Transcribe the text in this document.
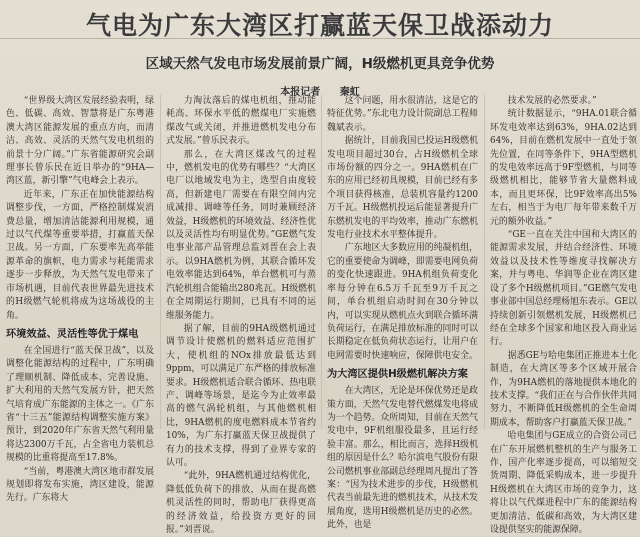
气电为广东大湾区打赢蓝天保卫战添动力
区域天然气发电市场发展前景广阔，H级燃机更具竞争优势
本报记者 秦虹

“世界级大湾区发展经验表明，绿色、低碳、高效、智慧将是广东粤港澳大湾区能源发展的重点方向，而清洁、高效、灵活的天然气发电机组的前景十分广阔。”广东省能源研究会副理事长曾乐民在近日举办的“9HA—湾区蓝，新引擎”气电峰会上表示。

近年来，广东正在加快能源结构调整步伐，一方面，严格控制煤炭消费总量，增加清洁能源利用规模，通过以气代煤等重要举措，打赢蓝天保卫战。另一方面，广东要率先高举能源革命的旗帜，电力需求与耗能需求逐步一步释放，为天然气发电带来了市场机遇，目前代表世界最先进技术的H级燃气轮机将成为这场战役的主角。

环境效益、灵活性等优于煤电

在全国进行“蓝天保卫战”，以及调整化能源结构的过程中，广东明确了理顺机制、降低成本、完善设施、扩大利用的天然气发展方针，把天然气培育成广东能源的主体之一。《广东省“十三五”能源结构调整实施方案》预计，到2020年广东省天然气利用量将达2300万千瓦，占全省电力装机总规模的比重将提高至17.8%。

“当前，粤港澳大湾区地市群发展规划即将发布实施，湾区建设，能源先行。广东将大

力淘汰落后的煤电机组，推动能耗高、环保水平低的燃煤电厂实施燃煤改气或关闭，并推进燃机发电分布式发展。”曾乐民表示。

那么，在大湾区煤改气的过程中，燃机发电的优势有哪些？“大湾区电厂以地域发电为主，选型自由度较高，但新建电厂需要在有限空间内完成减排、调峰等任务，同时兼顾经济效益，H级燃机的环境效益、经济性优以及灵活性均有明显优势。”GE燃气发电事业部产品管理总监刘晋在会上表示。以9HA燃机为例，其联合循环发电效率能达到64%，单台燃机可与蒸汽轮机组合能输出280兆瓦。H级燃机在全周期运行期间，已具有不同的运维服务能力。

据了解，目前的9HA级燃机通过调节设计使燃机的燃料适应范围扩大，使机组的NOx排放最低达到9ppm，可以满足广东严格的排放标准要求。H级燃机适合联合循环、热电联产、调峰等场景，是迄今为止效率最高的燃气涡轮机组，与其他燃机相比，9HA燃机的度电燃料成本节省约10%，为广东打赢蓝天保卫战提供了有力的技术支撑，得到了业界专家的认可。

“此外，9HA燃机通过结构优化，降低低负荷下的排放，从而在提高燃机灵活性的同时，帮助电厂获得更高的经济效益，给投资方更好的回报。”刘晋说。

这个问题，用水很清洁，这是它的特征优势。”东北电力设计院副总工程师魏斌表示。

据统计，目前我国已投运H级燃机发电项目超过30台，占H级燃机全球市场份额的四分之一。9HA燃机在广东的应用已经初具规模，目前已经有多个项目获得核准，总装机容量约1200万千瓦。H级燃机投运后能显著提升广东燃机发电的平均效率，推动广东燃机发电行业技术水平整体提升。

广东地区大多数应用的纯凝机组，它的重要使命为调峰，即需要电网负荷的变化快速跟进。9HA机组负荷变化率每分钟在6.5万千瓦至9万千瓦之间，单台机组启动时间在30分钟以内，可以实现从燃机点火到联合循环满负荷运行，在满足排放标准的同时可以长期稳定在低负荷状态运行，让用户在电网需要时快速响应，保障供电安全。

为大湾区提供H级燃机解决方案

在大湾区，无论是环保优势还是政策方面，天然气发电替代燃煤发电将成为一个趋势。众所周知，目前在天然气发电中，9F机组服役最多，且运行经验丰富。那么，相比而言，选择H级机组的原因是什么？哈尔滨电气股份有限公司燃机事业部副总经理周凡提出了答案：“因为技术进步的步伐，H级燃机代表当前最先进的燃机技术，从技术发展角度，选用H级燃机是历史的必然。此外，也是

技术发展的必然要求。”

统计数据显示，“9HA.01联合循环发电效率达到63%，9HA.02达到64%，目前在燃机发展中一直处于领先位置，在同等条件下，9HA型燃机的发电效率远高于9F型燃机，与同等级燃机相比，能够节省大量燃料成本，而且更环保，比9F效率高出5%左右，相当于为电厂每年带来数千万元的额外收益。”

“GE一直在关注中国和大湾区的能源需求发展，并结合经济性、环境效益以及技术性等维度寻找解决方案，并与粤电、华润等企业在湾区建设了多个H级燃机项目。”GE燃气发电事业部中国总经理杨旭东表示。GE以持续创新引领燃机发展，H级燃机已经在全球多个国家和地区投入商业运行。

据悉GE与哈电集团正推进本土化制造，在大湾区等多个区域开展合作，为9HA燃机的落地提供本地化的技术支撑。“我们正在与合作伙伴共同努力，不断降低H级燃机的全生命周期成本，帮助客户打赢蓝天保卫战。”

哈电集团与GE成立的合资公司已在广东开展燃机整机的生产与服务工作，国产化率逐步提高，可以缩短交货周期、降低采购成本，进一步提升H级燃机在大湾区市场的竞争力，这将让以气代煤进程中广东的能源结构更加清洁、低碳和高效，为大湾区建设提供坚实的能源保障。
